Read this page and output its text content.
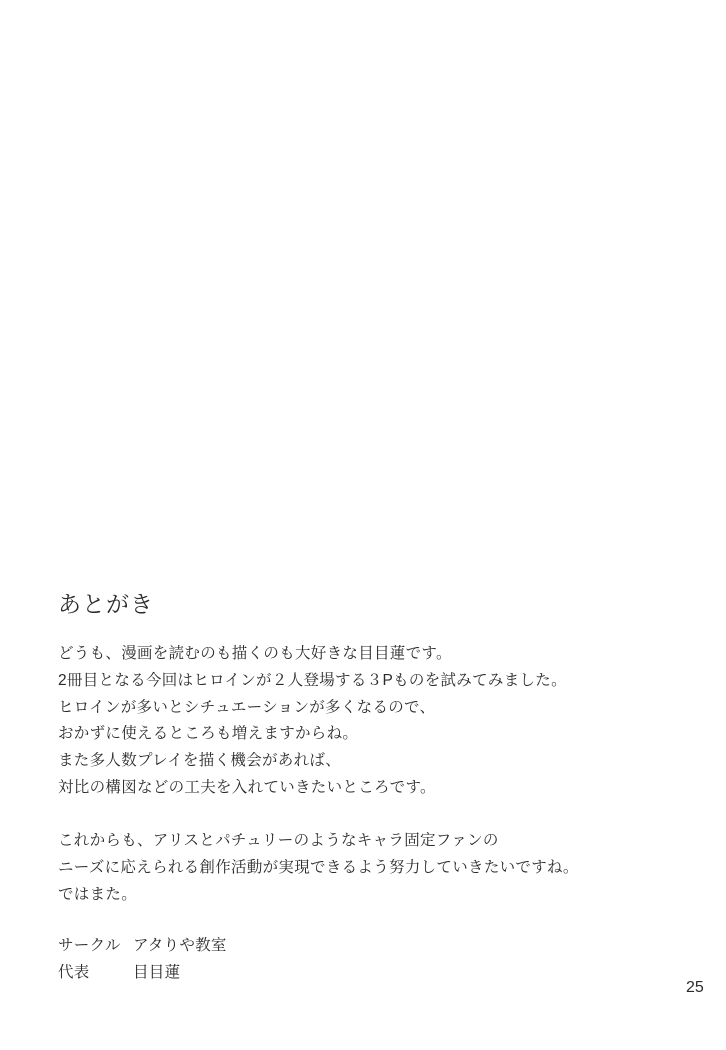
あとがき
どうも、漫画を読むのも描くのも大好きな目目蓮です。
2冊目となる今回はヒロインが２人登場する３Pものを試みてみました。
ヒロインが多いとシチュエーションが多くなるので、
おかずに使えるところも増えますからね。
また多人数プレイを描く機会があれば、
対比の構図などの工夫を入れていきたいところです。
これからも、アリスとパチュリーのようなキャラ固定ファンの
ニーズに応えられる創作活動が実現できるよう努力していきたいですね。
ではまた。
サークル アタりや教室
代表	目目蓮
25
